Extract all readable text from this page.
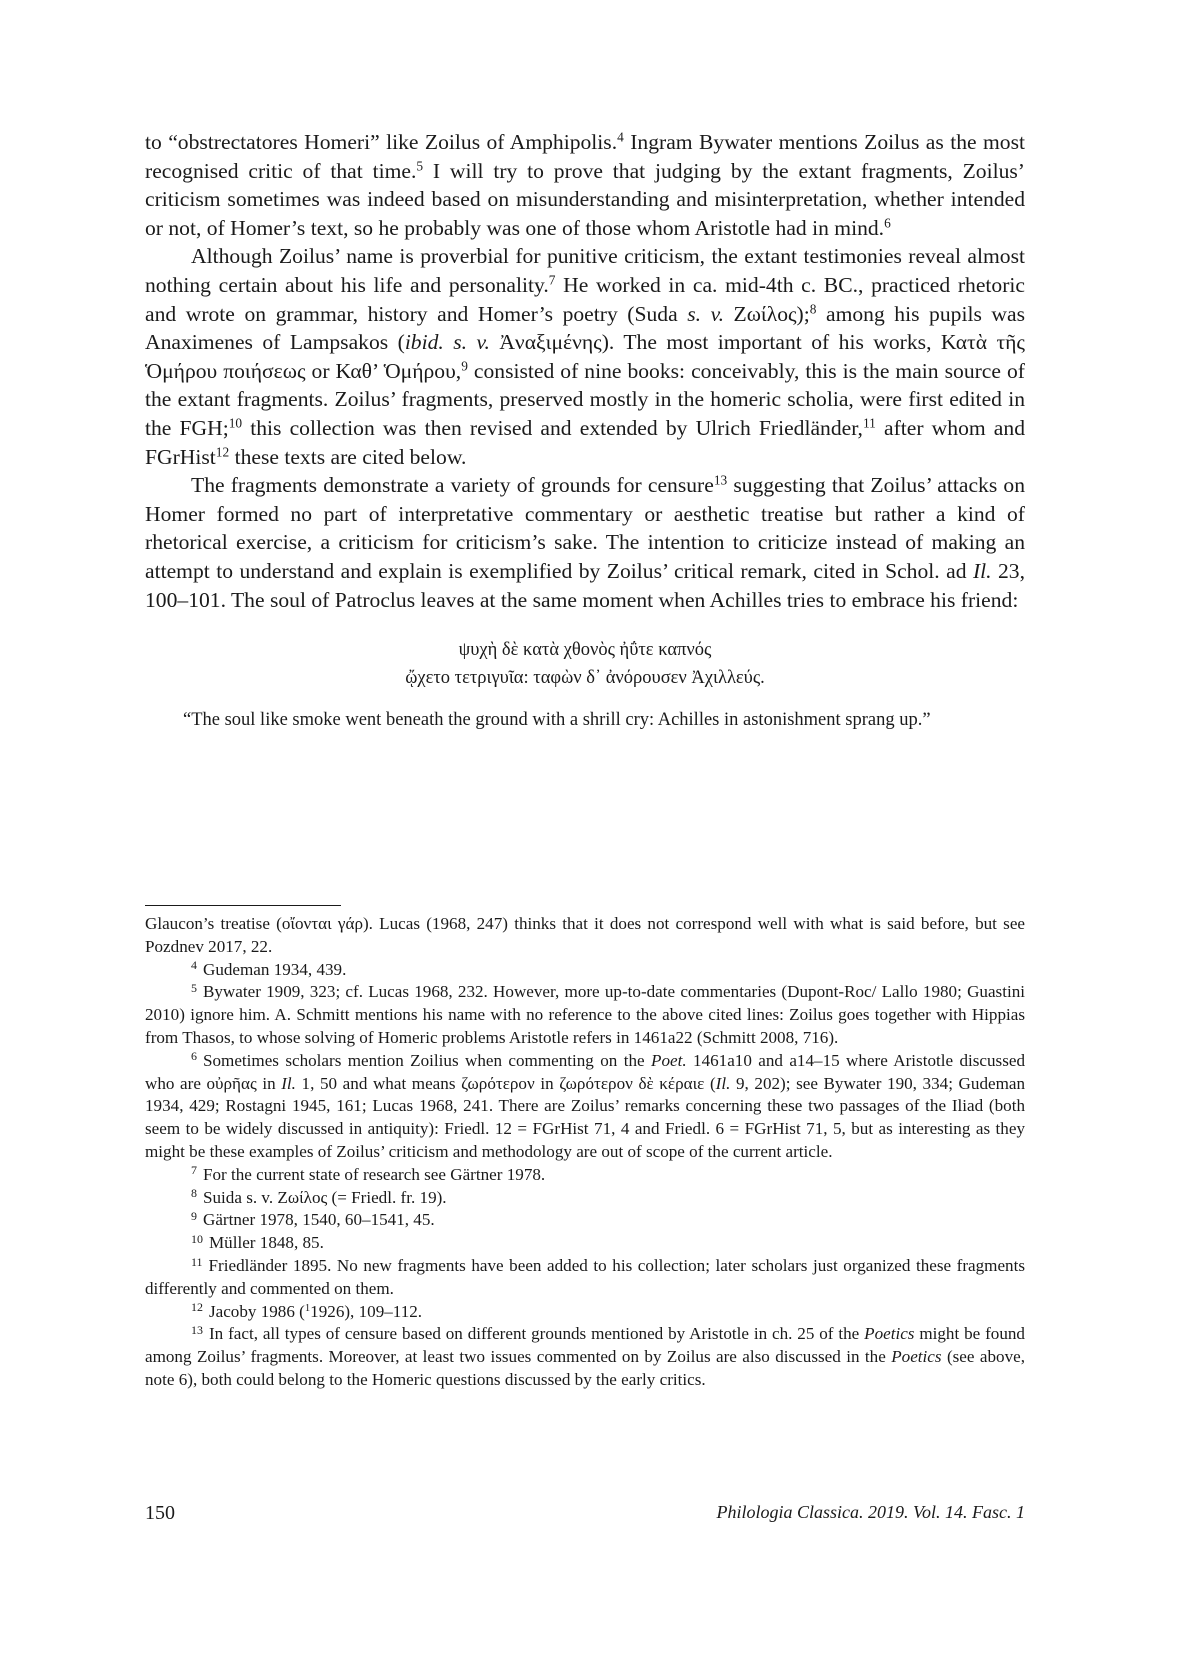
to “obstrectatores Homeri” like Zoilus of Amphipolis.$^4$ Ingram Bywater mentions Zoilus as the most recognised critic of that time.$^5$ I will try to prove that judging by the extant fragments, Zoilus’ criticism sometimes was indeed based on misunderstanding and misinterpretation, whether intended or not, of Homer’s text, so he probably was one of those whom Aristotle had in mind.$^6$

Although Zoilus’ name is proverbial for punitive criticism, the extant testimonies reveal almost nothing certain about his life and personality.$^7$ He worked in ca. mid-4th c. BC., practiced rhetoric and wrote on grammar, history and Homer’s poetry (Suda s. v. Ζωίλος);$^8$ among his pupils was Anaximenes of Lampsakos (ibid. s. v. Ἀναξιμένης). The most important of his works, Κατὰ τῆς Ὁμήρου ποιήσεως or Καθ’ Ὁμήρου,$^9$ consisted of nine books: conceivably, this is the main source of the extant fragments. Zoilus’ fragments, preserved mostly in the homeric scholia, were first edited in the FGH;$^{10}$ this collection was then revised and extended by Ulrich Friedländer,$^{11}$ after whom and FGrHist$^{12}$ these texts are cited below.

The fragments demonstrate a variety of grounds for censure$^{13}$ suggesting that Zoilus’ attacks on Homer formed no part of interpretative commentary or aesthetic treatise but rather a kind of rhetorical exercise, a criticism for criticism’s sake. The intention to criticize instead of making an attempt to understand and explain is exemplified by Zoilus’ critical remark, cited in Schol. ad Il. 23, 100–101. The soul of Patroclus leaves at the same moment when Achilles tries to embrace his friend:

ψυχὴ δὲ κατὰ χθονὸς ἠΰτε καπνός
ᾤχετο τετριγυῖα: ταφὼν δ᾽ ἀνόρουσεν Ἀχιλλεύς.
“The soul like smoke went beneath the ground with a shrill cry: Achilles in astonishment sprang up.”

Glaucon’s treatise (οἴονται γάρ). Lucas (1968, 247) thinks that it does not correspond well with what is said before, but see Pozdnev 2017, 22.

$^4$ Gudeman 1934, 439.

$^5$ Bywater 1909, 323; cf. Lucas 1968, 232. However, more up-to-date commentaries (Dupont-Roc/ Lallo 1980; Guastini 2010) ignore him. A. Schmitt mentions his name with no reference to the above cited lines: Zoilus goes together with Hippias from Thasos, to whose solving of Homeric problems Aristotle refers in 1461a22 (Schmitt 2008, 716).

$^6$ Sometimes scholars mention Zoilius when commenting on the Poet. 1461a10 and a14–15 where Aristotle discussed who are οὐρῆας in Il. 1, 50 and what means ζωρότερον in ζωρότερον δὲ κέραιε (Il. 9, 202); see Bywater 190, 334; Gudeman 1934, 429; Rostagni 1945, 161; Lucas 1968, 241. There are Zoilus’ remarks concerning these two passages of the Iliad (both seem to be widely discussed in antiquity): Friedl. 12 = FGrHist 71, 4 and Friedl. 6 = FGrHist 71, 5, but as interesting as they might be these examples of Zoilus’ criticism and methodology are out of scope of the current article.

$^7$ For the current state of research see Gärtner 1978.

$^8$ Suida s. v. Ζωίλος (= Friedl. fr. 19).

$^9$ Gärtner 1978, 1540, 60–1541, 45.

$^{10}$ Müller 1848, 85.

$^{11}$ Friedländer 1895. No new fragments have been added to his collection; later scholars just organized these fragments differently and commented on them.

$^{12}$ Jacoby 1986 ($^1$1926), 109–112.

$^{13}$ In fact, all types of censure based on different grounds mentioned by Aristotle in ch. 25 of the Poetics might be found among Zoilus’ fragments. Moreover, at least two issues commented on by Zoilus are also discussed in the Poetics (see above, note 6), both could belong to the Homeric questions discussed by the early critics.

150	Philologia Classica. 2019. Vol. 14. Fasc. 1
